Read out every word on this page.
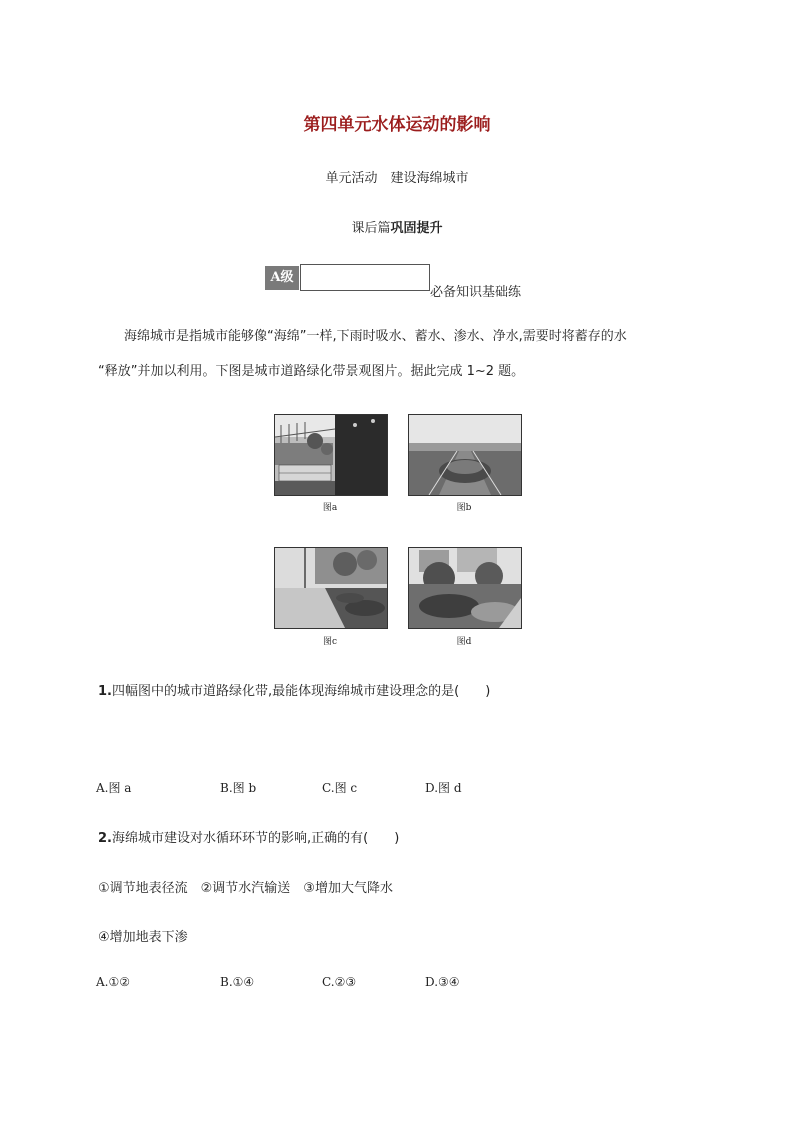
第四单元水体运动的影响
单元活动　建设海绵城市
课后篇巩固提升
A级
必备知识基础练
海绵城市是指城市能够像“海绵”一样,下雨时吸水、蓄水、渗水、净水,需要时将蓄存的水
“释放”并加以利用。下图是城市道路绿化带景观图片。据此完成 1~2 题。
图a	图b
图c	图d
1.四幅图中的城市道路绿化带,最能体现海绵城市建设理念的是(　　)
A.图 a	B.图 b	C.图 c	D.图 d
2.海绵城市建设对水循环环节的影响,正确的有(　　)
①调节地表径流　②调节水汽输送　③增加大气降水
④增加地表下渗
A.①②	B.①④	C.②③	D.③④
